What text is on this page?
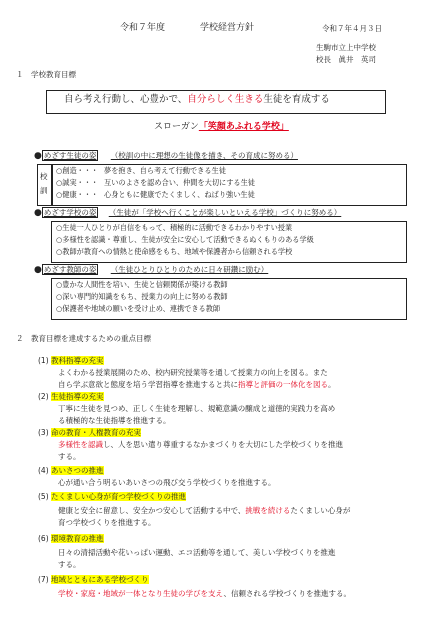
令和７年度	学校経営方針	令和７年４月３日
生駒市立上中学校
校長　眞井　英司
１　学校教育目標
自ら考え行動し、心豊かで、自分らしく生きる生徒を育成する
スローガン「笑顔あふれる学校」
● めざす生徒の姿 （校訓の中に理想の生徒像を描き、その育成に努める）
校訓
○創造・・・ 夢を抱き、自ら考えて行動できる生徒
○誠実・・・ 互いのよさを認め合い、仲間を大切にする生徒
○健康・・・ 心身ともに健康でたくましく、ねばり強い生徒
● めざす学校の姿 （生徒が「学校へ行くことが楽しいといえる学校」づくりに努める）
○生徒一人ひとりが自信をもって、積極的に活動できるわかりやすい授業
○多様性を認識・尊重し、生徒が安全に安心して活動できるぬくもりのある学級
○教師が教育への情熱と使命感をもち、地域や保護者から信頼される学校
● めざす教師の姿 （生徒ひとりひとりのために日々研鑽に励む）
○豊かな人間性を培い、生徒と信頼関係が築ける教師
○深い専門的知識をもち、授業力の向上に努める教師
○保護者や地域の願いを受け止め、連携できる教師
２　教育目標を達成するための重点目標
(1) 教科指導の充実
よくわかる授業展開のため、校内研究授業等を通して授業力の向上を図る。また
自ら学ぶ意欲と態度を培う学習指導を推進すると共に指導と評価の一体化を図る。
(2) 生徒指導の充実
丁寧に生徒を見つめ、正しく生徒を理解し、規範意識の醸成と道徳的実践力を高め
る積極的な生徒指導を推進する。
(3) 命の教育・人権教育の充実
多様性を認識し、人を思い遣り尊重するなかまづくりを大切にした学校づくりを推進
する。
(4) あいさつの推進
心が通い合う明るいあいさつの飛び交う学校づくりを推進する。
(5) たくましい心身が育つ学校づくりの推進
健康と安全に留意し、安全かつ安心して活動する中で、挑戦を続けるたくましい心身が
育つ学校づくりを推進する。
(6) 環境教育の推進
日々の清掃活動や花いっぱい運動、エコ活動等を通して、美しい学校づくりを推進
する。
(7) 地域とともにある学校づくり
学校・家庭・地域が一体となり生徒の学びを支え、信頼される学校づくりを推進する。
